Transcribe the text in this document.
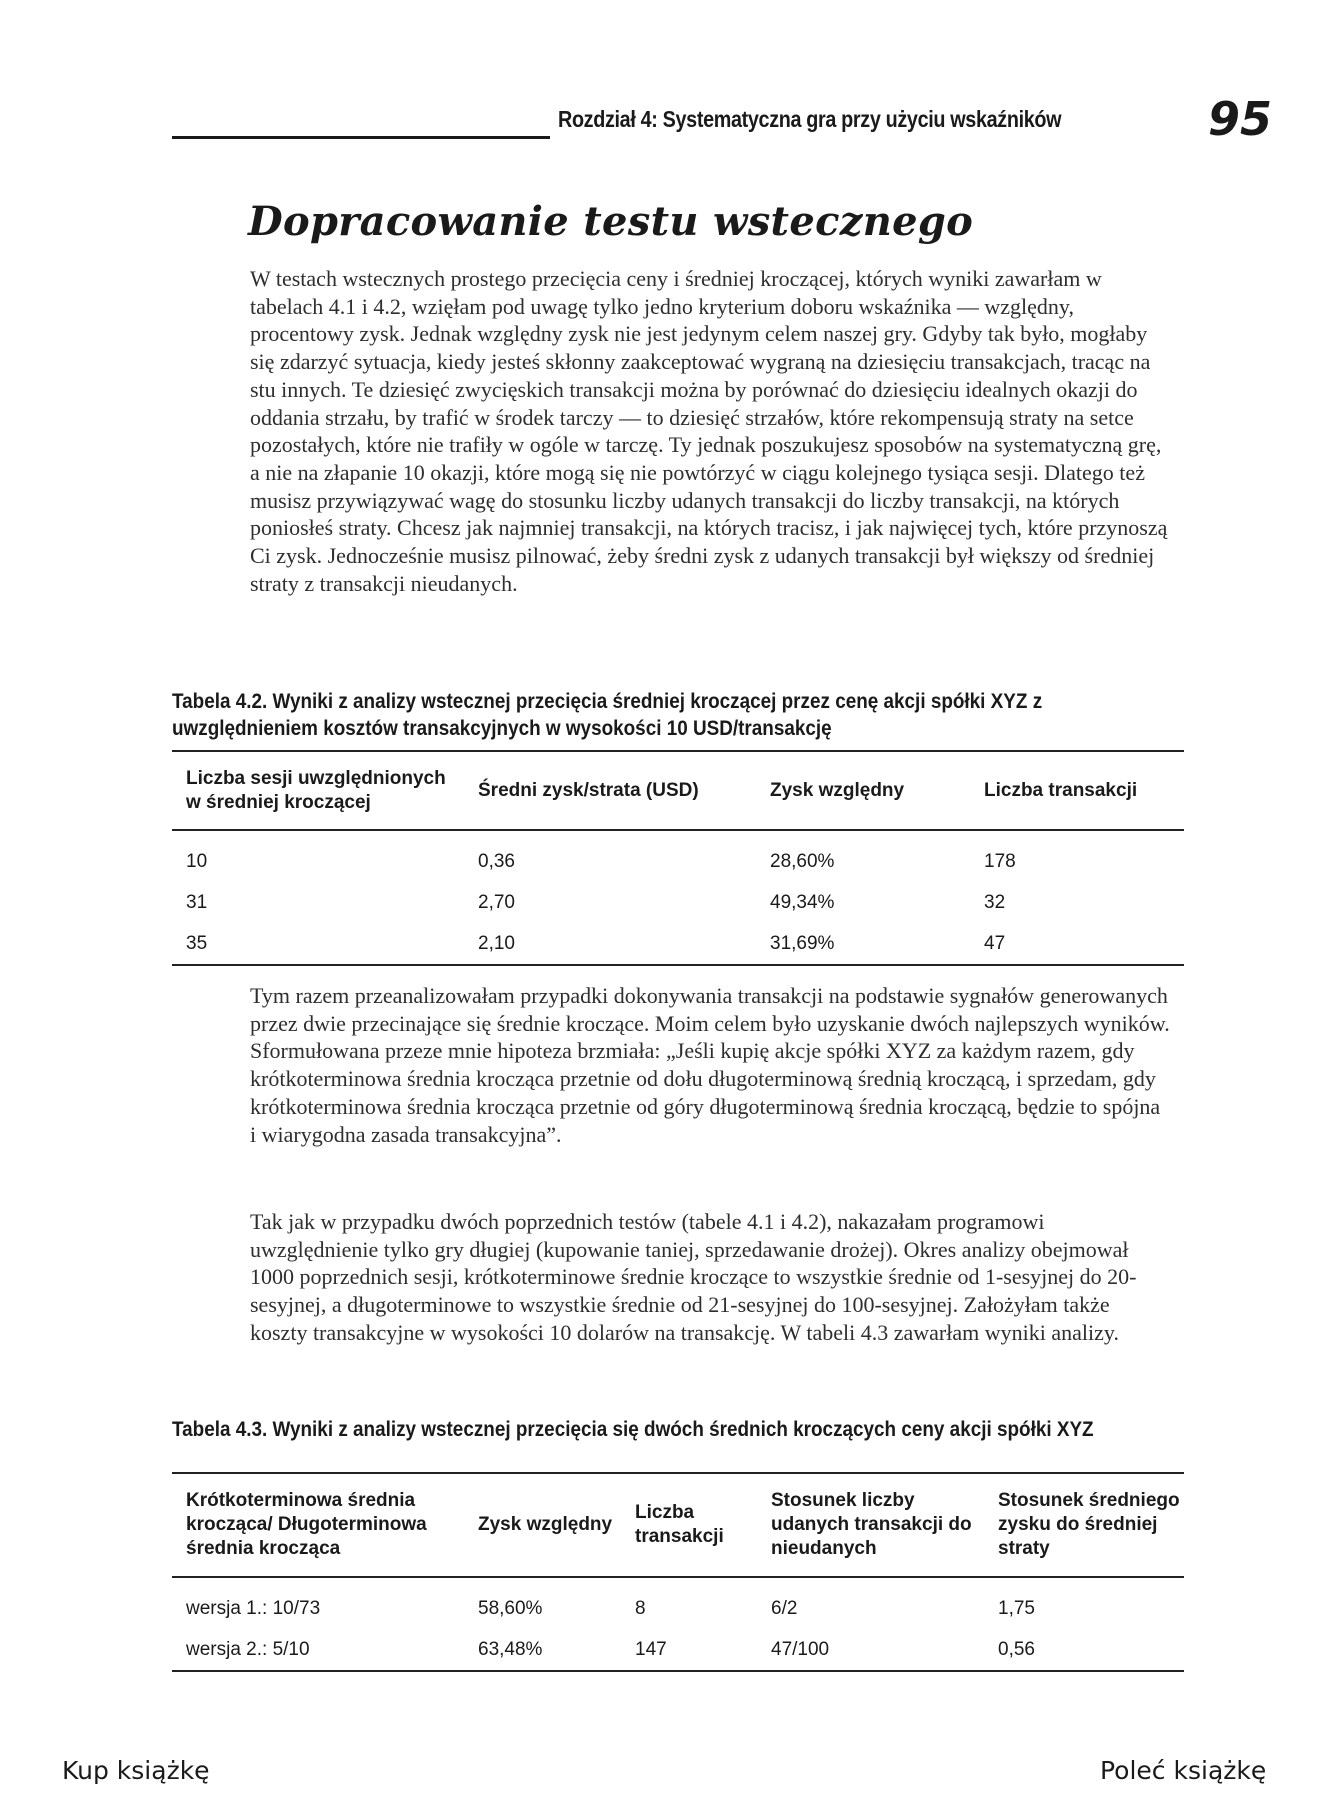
Rozdział 4: Systematyczna gra przy użyciu wskaźników	95
Dopracowanie testu wstecznego

W testach wstecznych prostego przecięcia ceny i średniej kroczącej, których wyniki zawarłam w tabelach 4.1 i 4.2, wzięłam pod uwagę tylko jedno kryterium doboru wskaźnika — względny, procentowy zysk. Jednak względny zysk nie jest jedynym celem naszej gry. Gdyby tak było, mogłaby się zdarzyć sytuacja, kiedy jesteś skłonny zaakceptować wygraną na dziesięciu transakcjach, tracąc na stu innych. Te dziesięć zwycięskich transakcji można by porównać do dziesięciu idealnych okazji do oddania strzału, by trafić w środek tarczy — to dziesięć strzałów, które rekompensują straty na setce pozostałych, które nie trafiły w ogóle w tarczę. Ty jednak poszukujesz sposobów na systematyczną grę, a nie na złapanie 10 okazji, które mogą się nie powtórzyć w ciągu kolejnego tysiąca sesji. Dlatego też musisz przywiązywać wagę do stosunku liczby udanych transakcji do liczby transakcji, na których poniosłeś straty. Chcesz jak najmniej transakcji, na których tracisz, i jak najwięcej tych, które przynoszą Ci zysk. Jednocześnie musisz pilnować, żeby średni zysk z udanych transakcji był większy od średniej straty z transakcji nieudanych.

Tabela 4.2. Wyniki z analizy wstecznej przecięcia średniej kroczącej przez cenę akcji spółki XYZ z uwzględnieniem kosztów transakcyjnych w wysokości 10 USD/transakcję
Liczba sesji uwzględnionych w średniej kroczącej	Średni zysk/strata (USD)	Zysk względny	Liczba transakcji
10	0,36	28,60%	178
31	2,70	49,34%	32
35	2,10	31,69%	47

Tym razem przeanalizowałam przypadki dokonywania transakcji na podstawie sygnałów generowanych przez dwie przecinające się średnie kroczące. Moim celem było uzyskanie dwóch najlepszych wyników. Sformułowana przeze mnie hipoteza brzmiała: „Jeśli kupię akcje spółki XYZ za każdym razem, gdy krótkoterminowa średnia krocząca przetnie od dołu długoterminową średnią kroczącą, i sprzedam, gdy krótkoterminowa średnia krocząca przetnie od góry długoterminową średnia kroczącą, będzie to spójna i wiarygodna zasada transakcyjna”.

Tak jak w przypadku dwóch poprzednich testów (tabele 4.1 i 4.2), nakazałam programowi uwzględnienie tylko gry długiej (kupowanie taniej, sprzedawanie drożej). Okres analizy obejmował 1000 poprzednich sesji, krótkoterminowe średnie kroczące to wszystkie średnie od 1-sesyjnej do 20-sesyjnej, a długoterminowe to wszystkie średnie od 21-sesyjnej do 100-sesyjnej. Założyłam także koszty transakcyjne w wysokości 10 dolarów na transakcję. W tabeli 4.3 zawarłam wyniki analizy.

Tabela 4.3. Wyniki z analizy wstecznej przecięcia się dwóch średnich kroczących ceny akcji spółki XYZ
Krótkoterminowa średnia krocząca/ Długoterminowa średnia krocząca	Zysk względny	Liczba transakcji	Stosunek liczby udanych transakcji do nieudanych	Stosunek średniego zysku do średniej straty
wersja 1.: 10/73	58,60%	8	6/2	1,75
wersja 2.: 5/10	63,48%	147	47/100	0,56
Kup książkę	Poleć książkę
